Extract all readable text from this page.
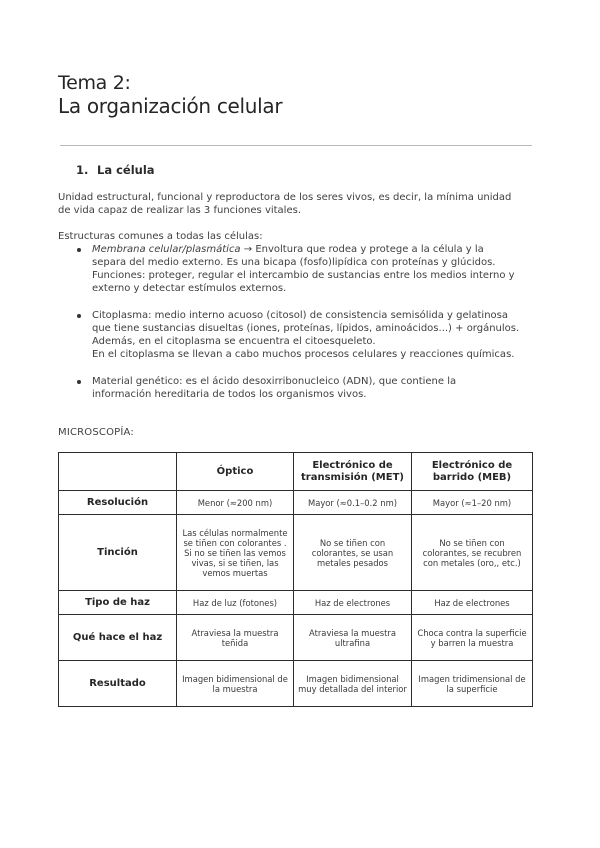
Tema 2:
La organización celular
1. La célula

Unidad estructural, funcional y reproductora de los seres vivos, es decir, la mínima unidad
de vida capaz de realizar las 3 funciones vitales.

Estructuras comunes a todas las células:

Membrana celular/plasmática → Envoltura que rodea y protege a la célula y la
separa del medio externo. Es una bicapa (fosfo)lipídica con proteínas y glúcidos.
Funciones: proteger, regular el intercambio de sustancias entre los medios interno y
externo y detectar estímulos externos.
Citoplasma: medio interno acuoso (citosol) de consistencia semisólida y gelatinosa
que tiene sustancias disueltas (iones, proteínas, lípidos, aminoácidos...) + orgánulos.
Además, en el citoplasma se encuentra el citoesqueleto.
En el citoplasma se llevan a cabo muchos procesos celulares y reacciones químicas.
Material genético: es el ácido desoxirribonucleico (ADN), que contiene la
información hereditaria de todos los organismos vivos.
MICROSCOPÍA:
	Óptico	Electrónico de transmisión (MET)	Electrónico de barrido (MEB)
Resolución	Menor (≈200 nm)	Mayor (≈0.1–0.2 nm)	Mayor (≈1–20 nm)
Tinción	Las células normalmente se tiñen con colorantes . Si no se tiñen las vemos vivas, si se tiñen, las vemos muertas	No se tiñen con colorantes, se usan metales pesados	No se tiñen con colorantes, se recubren con metales (oro,, etc.)
Tipo de haz	Haz de luz (fotones)	Haz de electrones	Haz de electrones
Qué hace el haz	Atraviesa la muestra teñida	Atraviesa la muestra ultrafina	Choca contra la superficie y barren la muestra
Resultado	Imagen bidimensional de la muestra	Imagen bidimensional muy detallada del interior	Imagen tridimensional de la superficie
